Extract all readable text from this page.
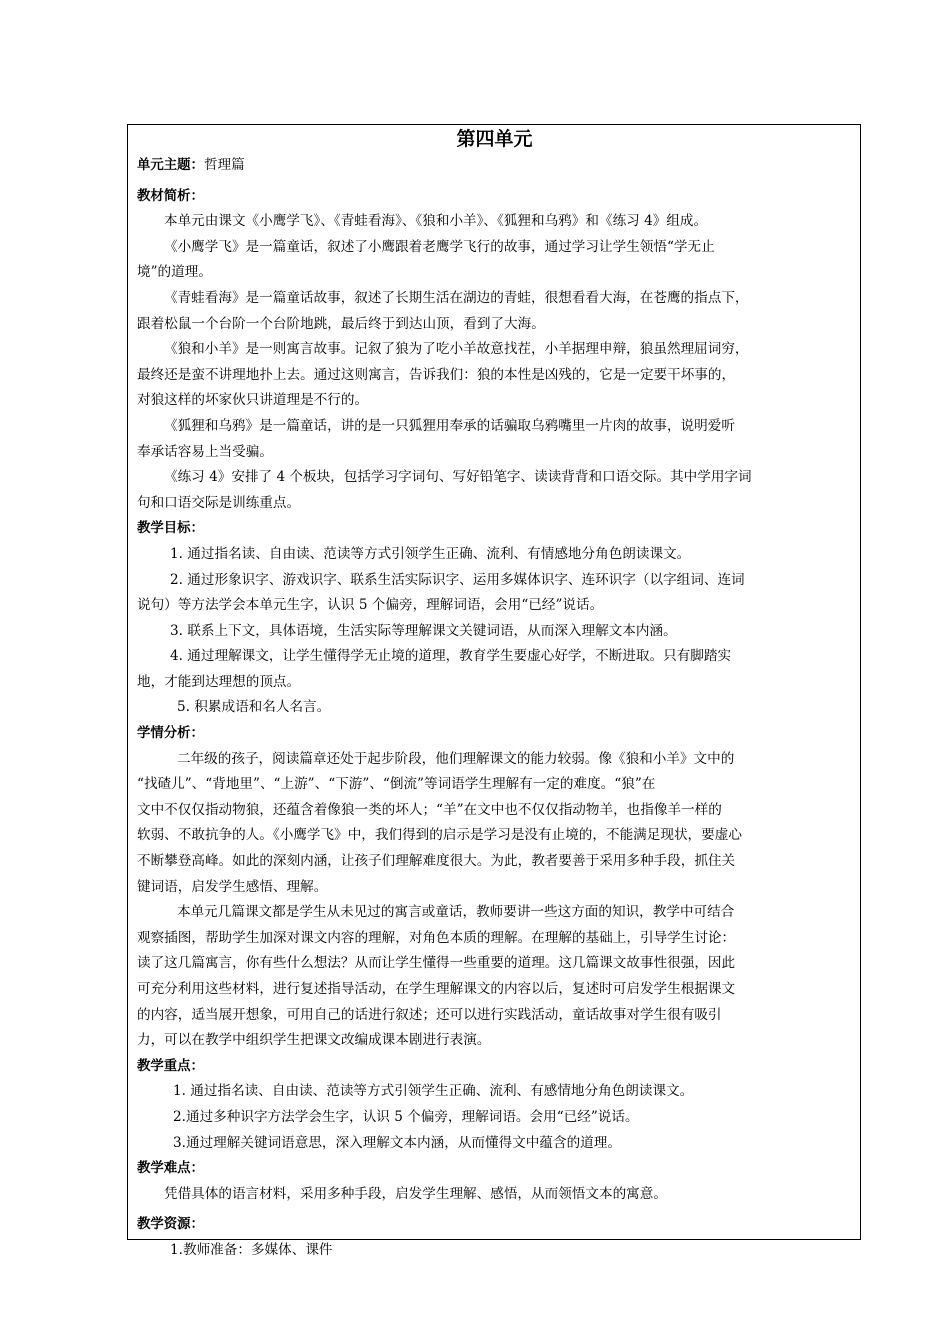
第四单元
单元主题：哲理篇
教材简析：
本单元由课文《小鹰学飞》、《青蛙看海》、《狼和小羊》、《狐狸和乌鸦》和《练习 4》组成。
《小鹰学飞》是一篇童话，叙述了小鹰跟着老鹰学飞行的故事，通过学习让学生领悟“学无止
境”的道理。
《青蛙看海》是一篇童话故事，叙述了长期生活在湖边的青蛙，很想看看大海，在苍鹰的指点下，
跟着松鼠一个台阶一个台阶地跳，最后终于到达山顶，看到了大海。
《狼和小羊》是一则寓言故事。记叙了狼为了吃小羊故意找茬，小羊据理申辩，狼虽然理屈词穷，
最终还是蛮不讲理地扑上去。通过这则寓言，告诉我们：狼的本性是凶残的，它是一定要干坏事的，
对狼这样的坏家伙只讲道理是不行的。
《狐狸和乌鸦》是一篇童话，讲的是一只狐狸用奉承的话骗取乌鸦嘴里一片肉的故事，说明爱听
奉承话容易上当受骗。
《练习 4》安排了 4 个板块，包括学习字词句、写好铅笔字、读读背背和口语交际。其中学用字词
句和口语交际是训练重点。
教学目标：
1. 通过指名读、自由读、范读等方式引领学生正确、流利、有情感地分角色朗读课文。
2. 通过形象识字、游戏识字、联系生活实际识字、运用多媒体识字、连环识字（以字组词、连词
说句）等方法学会本单元生字，认识 5 个偏旁，理解词语，会用“已经”说话。
3. 联系上下文，具体语境，生活实际等理解课文关键词语，从而深入理解文本内涵。
4. 通过理解课文，让学生懂得学无止境的道理，教育学生要虚心好学，不断进取。只有脚踏实
地，才能到达理想的顶点。
5. 积累成语和名人名言。
学情分析：
二年级的孩子，阅读篇章还处于起步阶段，他们理解课文的能力较弱。像《狼和小羊》文中的
“找碴儿”、“背地里”、“上游”、“下游”、“倒流”等词语学生理解有一定的难度。“狼”在
文中不仅仅指动物狼，还蕴含着像狼一类的坏人；“羊”在文中也不仅仅指动物羊，也指像羊一样的
软弱、不敢抗争的人。《小鹰学飞》中，我们得到的启示是学习是没有止境的，不能满足现状，要虚心
不断攀登高峰。如此的深刻内涵，让孩子们理解难度很大。为此，教者要善于采用多种手段，抓住关
键词语，启发学生感悟、理解。
本单元几篇课文都是学生从未见过的寓言或童话，教师要讲一些这方面的知识，教学中可结合
观察插图，帮助学生加深对课文内容的理解，对角色本质的理解。在理解的基础上，引导学生讨论：
读了这几篇寓言，你有些什么想法？从而让学生懂得一些重要的道理。这几篇课文故事性很强，因此
可充分利用这些材料，进行复述指导活动，在学生理解课文的内容以后，复述时可启发学生根据课文
的内容，适当展开想象，可用自己的话进行叙述；还可以进行实践活动，童话故事对学生很有吸引
力，可以在教学中组织学生把课文改编成课本剧进行表演。
教学重点：
1. 通过指名读、自由读、范读等方式引领学生正确、流利、有感情地分角色朗读课文。
2.通过多种识字方法学会生字，认识 5 个偏旁，理解词语。会用“已经”说话。
3.通过理解关键词语意思，深入理解文本内涵，从而懂得文中蕴含的道理。
教学难点：
凭借具体的语言材料，采用多种手段，启发学生理解、感悟，从而领悟文本的寓意。
教学资源：
1.教师准备：多媒体、课件
